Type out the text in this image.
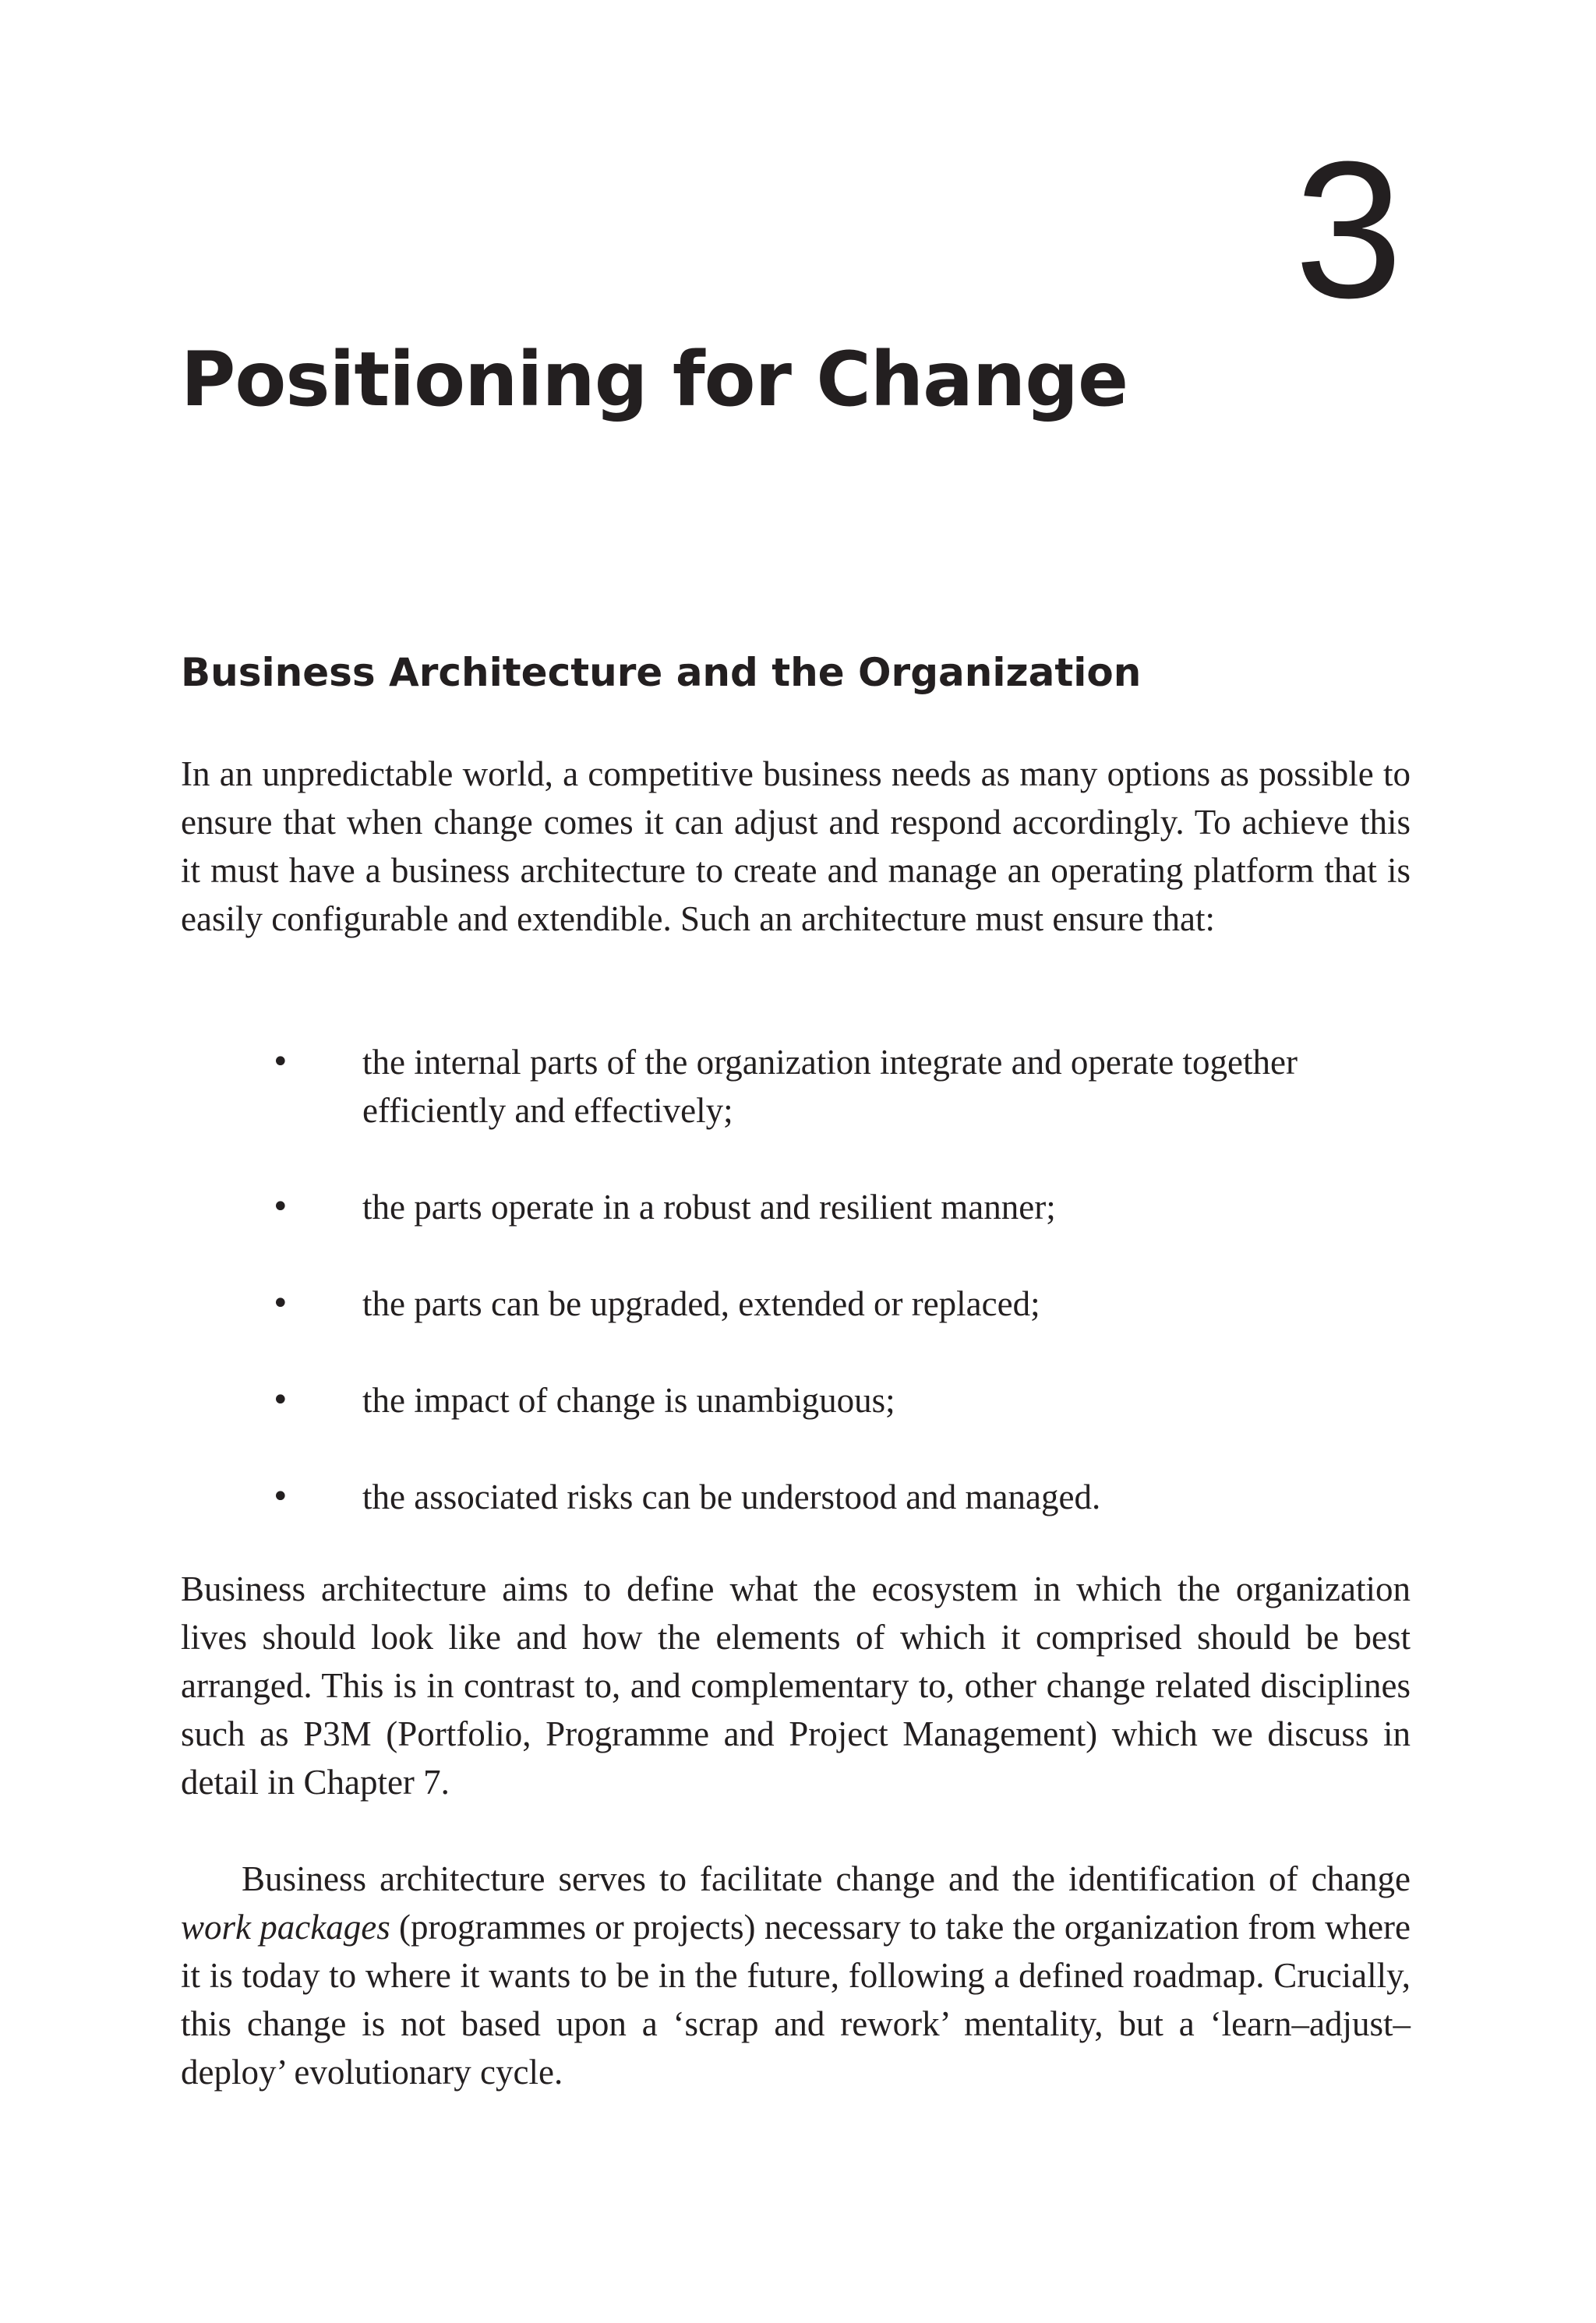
3
Positioning for Change
Business Architecture and the Organization

In an unpredictable world, a competitive business needs as many options as possible to ensure that when change comes it can adjust and respond accordingly. To achieve this it must have a business architecture to create and manage an operating platform that is easily configurable and extendible. Such an architecture must ensure that:

• the internal parts of the organization integrate and operate together efficiently and effectively;
• the parts operate in a robust and resilient manner;
• the parts can be upgraded, extended or replaced;
• the impact of change is unambiguous;
• the associated risks can be understood and managed.

Business architecture aims to define what the ecosystem in which the organization lives should look like and how the elements of which it comprised should be best arranged. This is in contrast to, and complementary to, other change related disciplines such as P3M (Portfolio, Programme and Project Management) which we discuss in detail in Chapter 7.

Business architecture serves to facilitate change and the identification of change work packages (programmes or projects) necessary to take the organization from where it is today to where it wants to be in the future, following a defined roadmap. Crucially, this change is not based upon a ‘scrap and rework’ mentality, but a ‘learn–adjust–deploy’ evolutionary cycle.
